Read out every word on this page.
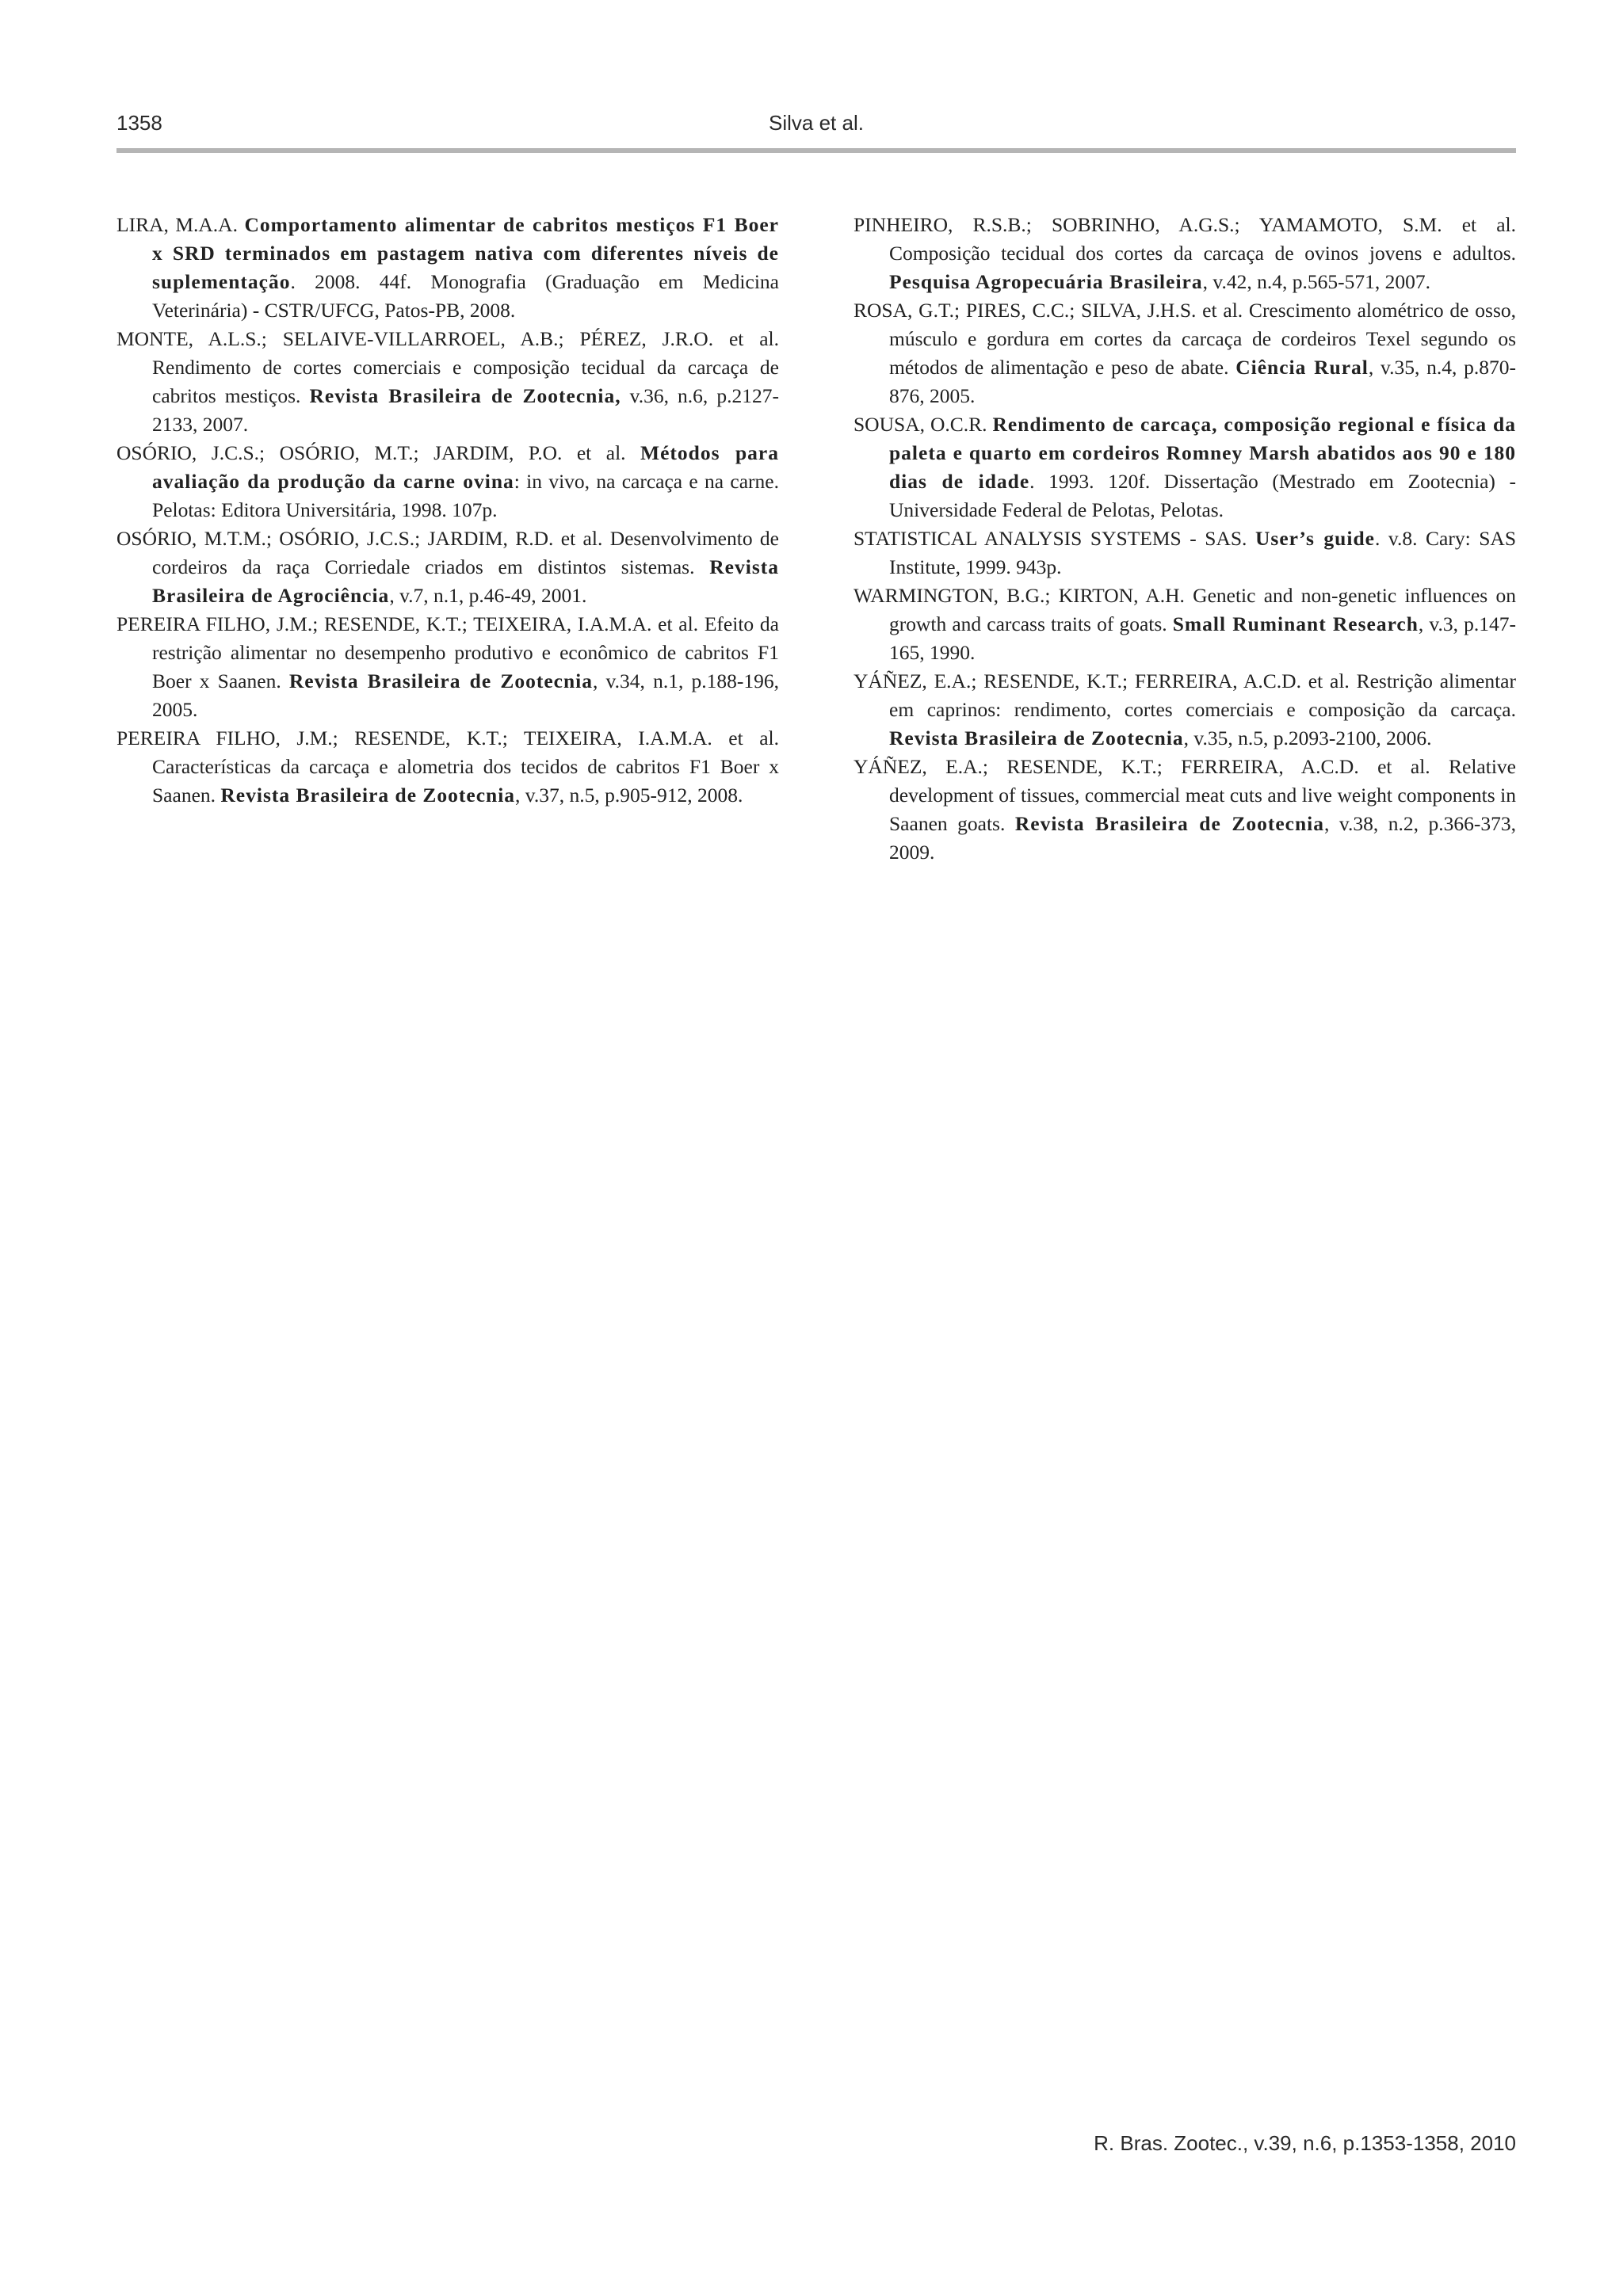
1358	Silva et al.

LIRA, M.A.A. Comportamento alimentar de cabritos mestiços F1 Boer x SRD terminados em pastagem nativa com diferentes níveis de suplementação. 2008. 44f. Monografia (Graduação em Medicina Veterinária) - CSTR/UFCG, Patos-PB, 2008.

MONTE, A.L.S.; SELAIVE-VILLARROEL, A.B.; PÉREZ, J.R.O. et al. Rendimento de cortes comerciais e composição tecidual da carcaça de cabritos mestiços. Revista Brasileira de Zootecnia, v.36, n.6, p.2127-2133, 2007.

OSÓRIO, J.C.S.; OSÓRIO, M.T.; JARDIM, P.O. et al. Métodos para avaliação da produção da carne ovina: in vivo, na carcaça e na carne. Pelotas: Editora Universitária, 1998. 107p.

OSÓRIO, M.T.M.; OSÓRIO, J.C.S.; JARDIM, R.D. et al. Desenvolvimento de cordeiros da raça Corriedale criados em distintos sistemas. Revista Brasileira de Agrociência, v.7, n.1, p.46-49, 2001.

PEREIRA FILHO, J.M.; RESENDE, K.T.; TEIXEIRA, I.A.M.A. et al. Efeito da restrição alimentar no desempenho produtivo e econômico de cabritos F1 Boer x Saanen. Revista Brasileira de Zootecnia, v.34, n.1, p.188-196, 2005.

PEREIRA FILHO, J.M.; RESENDE, K.T.; TEIXEIRA, I.A.M.A. et al. Características da carcaça e alometria dos tecidos de cabritos F1 Boer x Saanen. Revista Brasileira de Zootecnia, v.37, n.5, p.905-912, 2008.

PINHEIRO, R.S.B.; SOBRINHO, A.G.S.; YAMAMOTO, S.M. et al. Composição tecidual dos cortes da carcaça de ovinos jovens e adultos. Pesquisa Agropecuária Brasileira, v.42, n.4, p.565-571, 2007.

ROSA, G.T.; PIRES, C.C.; SILVA, J.H.S. et al. Crescimento alométrico de osso, músculo e gordura em cortes da carcaça de cordeiros Texel segundo os métodos de alimentação e peso de abate. Ciência Rural, v.35, n.4, p.870-876, 2005.

SOUSA, O.C.R. Rendimento de carcaça, composição regional e física da paleta e quarto em cordeiros Romney Marsh abatidos aos 90 e 180 dias de idade. 1993. 120f. Dissertação (Mestrado em Zootecnia) - Universidade Federal de Pelotas, Pelotas.

STATISTICAL ANALYSIS SYSTEMS - SAS. User’s guide. v.8. Cary: SAS Institute, 1999. 943p.

WARMINGTON, B.G.; KIRTON, A.H. Genetic and non-genetic influences on growth and carcass traits of goats. Small Ruminant Research, v.3, p.147-165, 1990.

YÁÑEZ, E.A.; RESENDE, K.T.; FERREIRA, A.C.D. et al. Restrição alimentar em caprinos: rendimento, cortes comerciais e composição da carcaça. Revista Brasileira de Zootecnia, v.35, n.5, p.2093-2100, 2006.

YÁÑEZ, E.A.; RESENDE, K.T.; FERREIRA, A.C.D. et al. Relative development of tissues, commercial meat cuts and live weight components in Saanen goats. Revista Brasileira de Zootecnia, v.38, n.2, p.366-373, 2009.

R. Bras. Zootec., v.39, n.6, p.1353-1358, 2010
